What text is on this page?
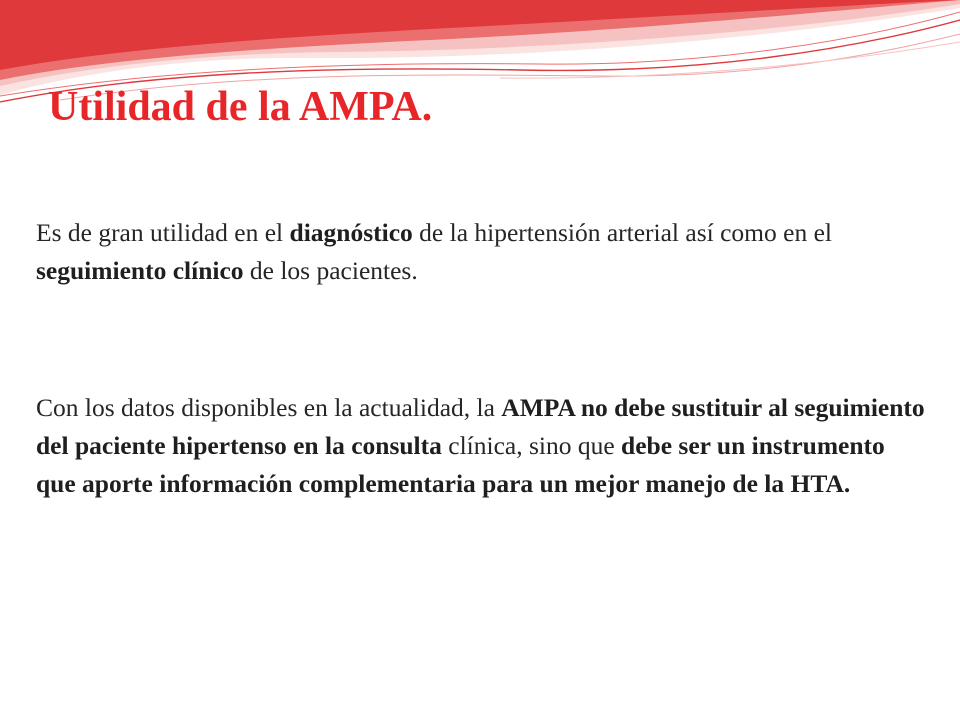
Utilidad de la AMPA.

Es de gran utilidad en el diagnóstico de la hipertensión arterial así como en el seguimiento clínico de los pacientes.

Con los datos disponibles en la actualidad, la AMPA no debe sustituir al seguimiento del paciente hipertenso en la consulta clínica, sino que debe ser un instrumento que aporte información complementaria para un mejor manejo de la HTA.
